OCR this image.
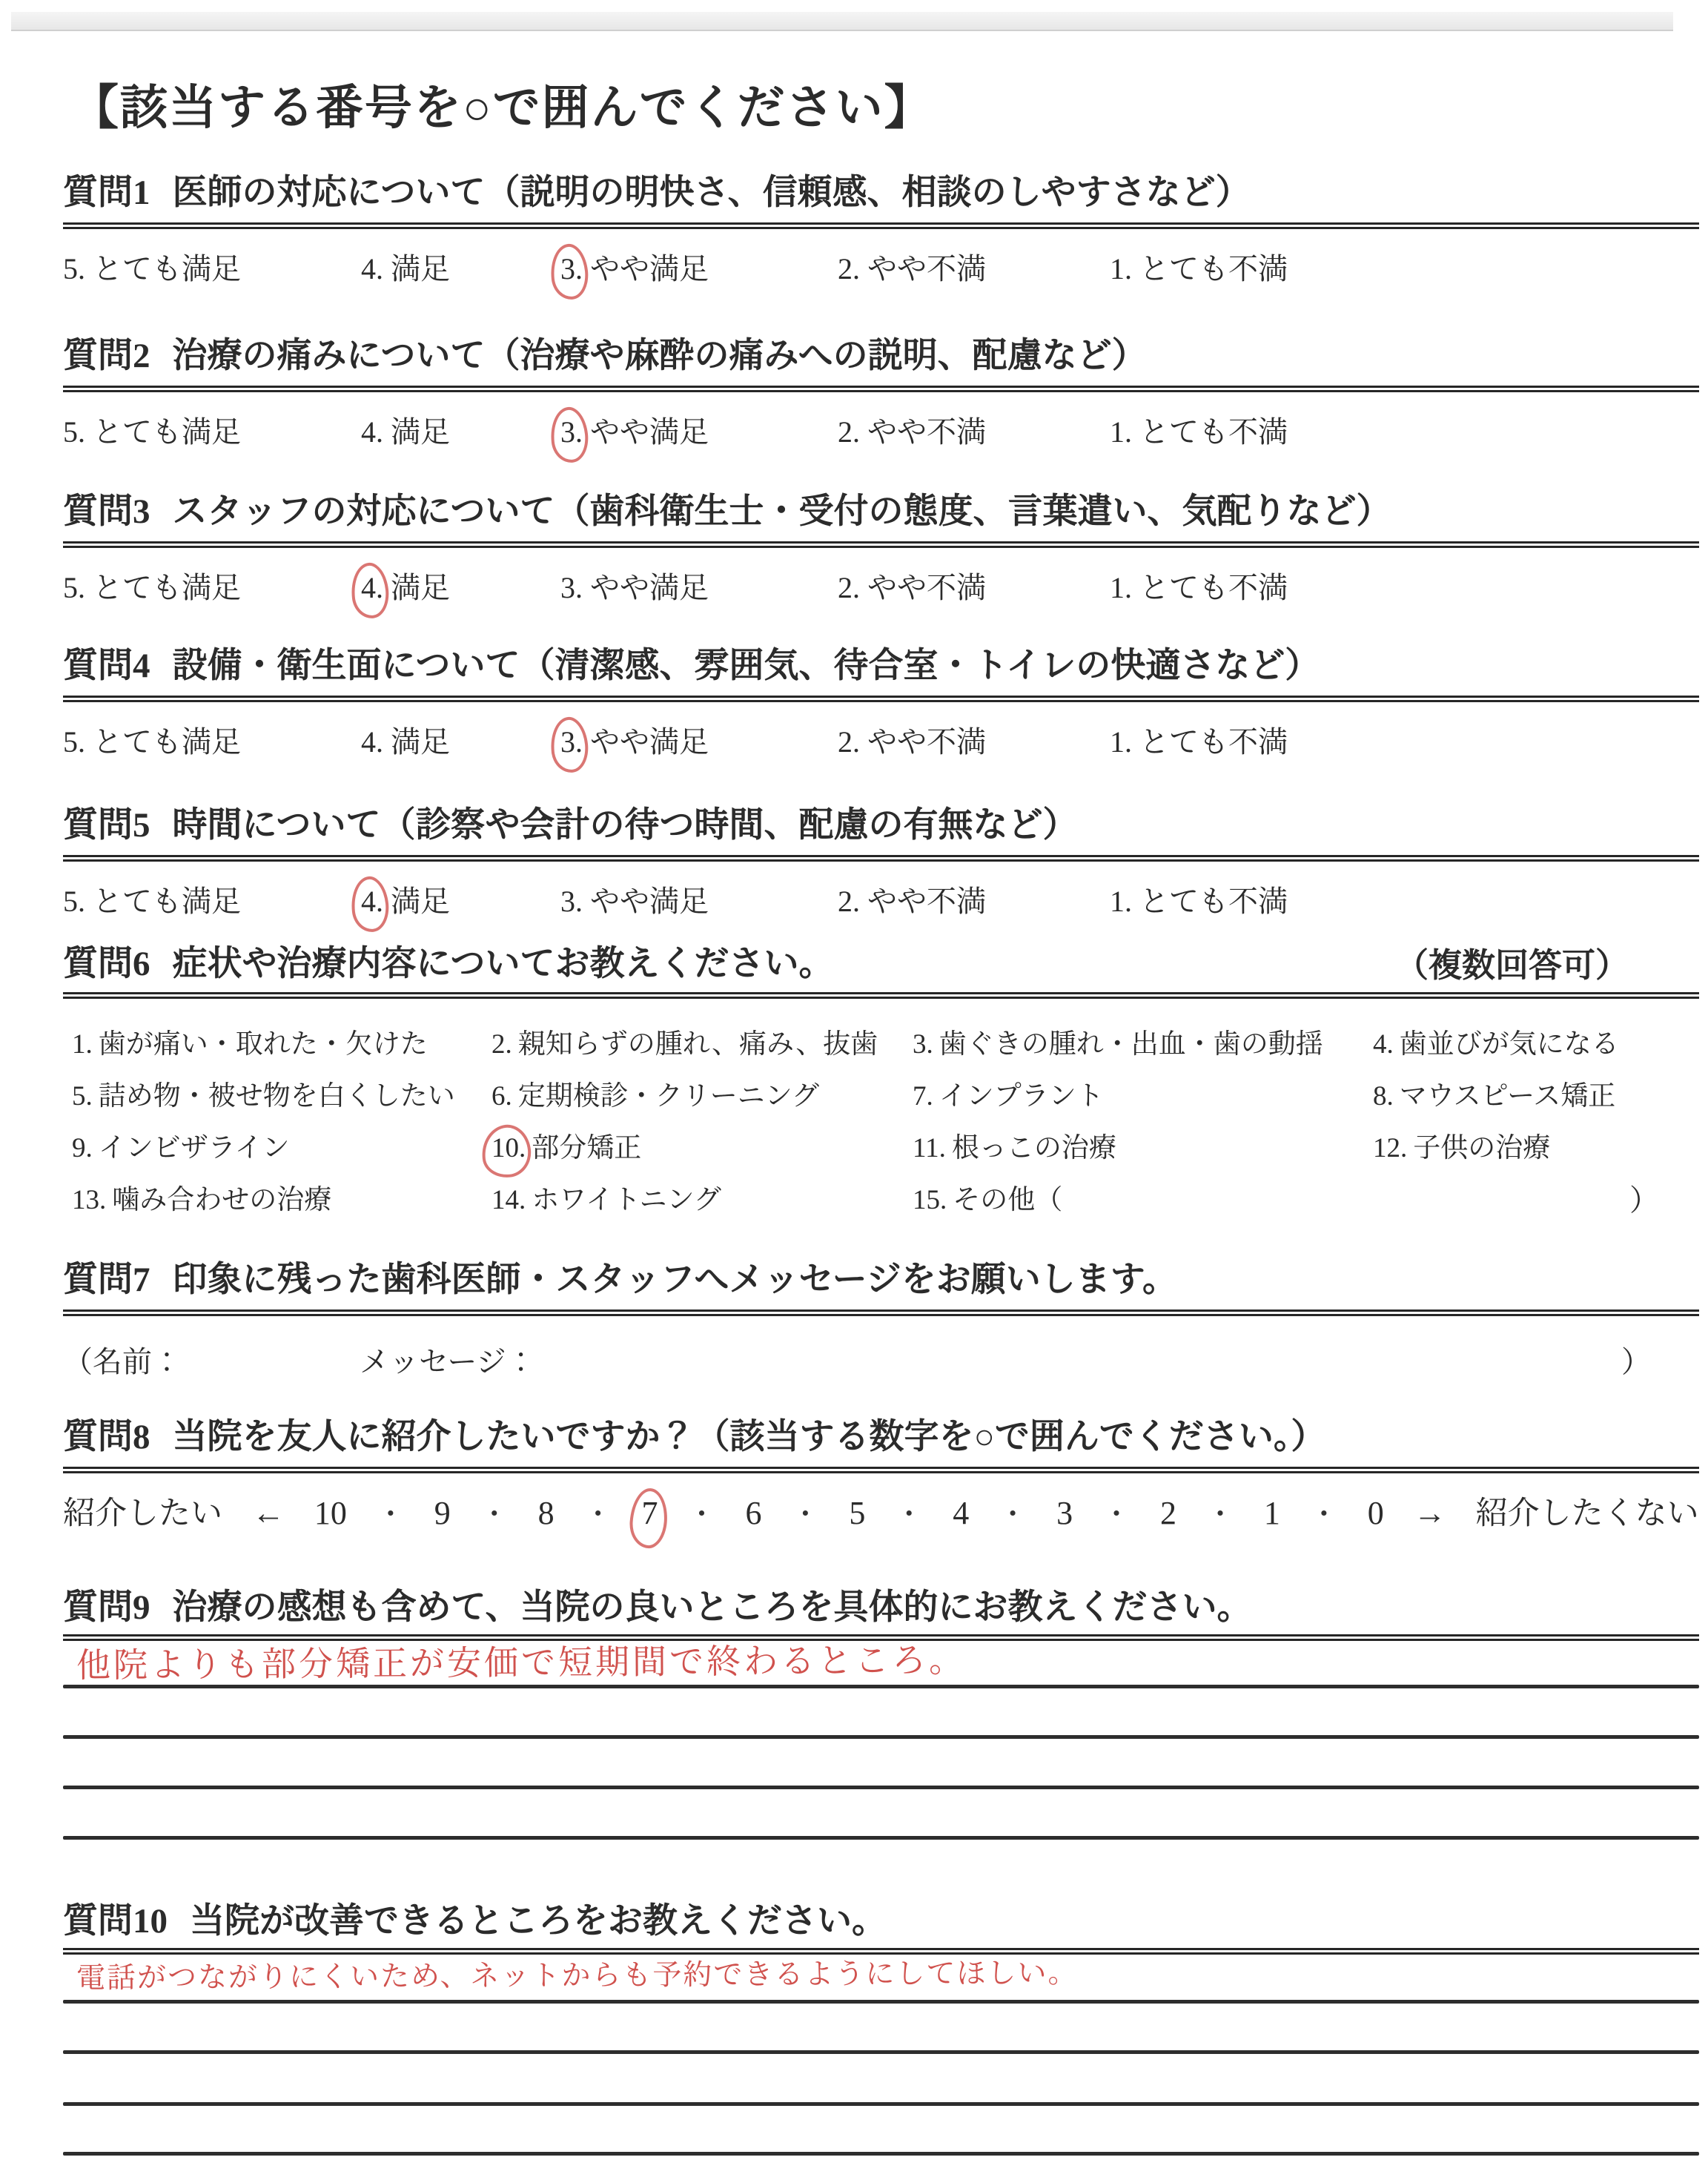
【該当する番号を○で囲んでください】
質問1 医師の対応について（説明の明快さ、信頼感、相談のしやすさなど）
5. とても満足	4. 満足	3. やや満足	2. やや不満	1. とても不満
質問2 治療の痛みについて（治療や麻酔の痛みへの説明、配慮など）
5. とても満足	4. 満足	3. やや満足	2. やや不満	1. とても不満
質問3 スタッフの対応について（歯科衛生士・受付の態度、言葉遣い、気配りなど）
5. とても満足	4. 満足	3. やや満足	2. やや不満	1. とても不満
質問4 設備・衛生面について（清潔感、雰囲気、待合室・トイレの快適さなど）
5. とても満足	4. 満足	3. やや満足	2. やや不満	1. とても不満
質問5 時間について（診察や会計の待つ時間、配慮の有無など）
5. とても満足	4. 満足	3. やや満足	2. やや不満	1. とても不満
質問6 症状や治療内容についてお教えください。	（複数回答可）
1. 歯が痛い・取れた・欠けた 2. 親知らずの腫れ、痛み、抜歯 3. 歯ぐきの腫れ・出血・歯の動揺 4. 歯並びが気になる
5. 詰め物・被せ物を白くしたい 6. 定期検診・クリーニング	7. インプラント	8. マウスピース矯正
9. インビザライン	10. 部分矯正	11. 根っこの治療	12. 子供の治療
13. 噛み合わせの治療	14. ホワイトニング	15. その他（	）
質問7 印象に残った歯科医師・スタッフへメッセージをお願いします。
（名前：	メッセージ：	）
質問8 当院を友人に紹介したいですか？（該当する数字を○で囲んでください。）
紹介したい ← 10 ・ 9 ・ 8 ・ 7 ・ 6 ・ 5 ・ 4 ・ 3 ・ 2 ・ 1 ・ 0 → 紹介したくない
質問9 治療の感想も含めて、当院の良いところを具体的にお教えください。
他院よりも部分矯正が安価で短期間で終わるところ。
質問10 当院が改善できるところをお教えください。
電話がつながりにくいため、ネットからも予約できるようにしてほしい。
